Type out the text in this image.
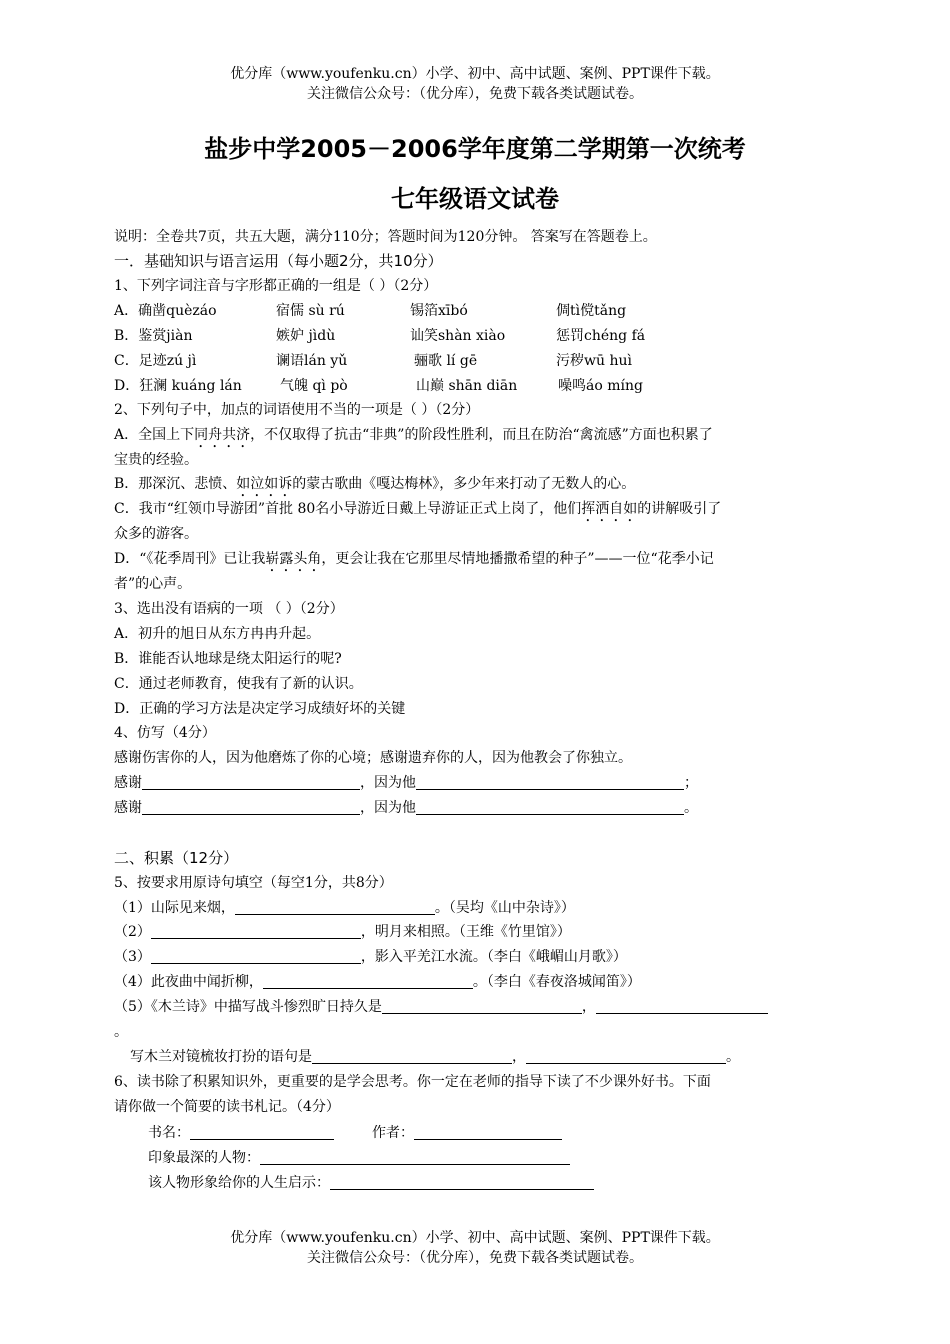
优分库（www.youfenku.cn）小学、初中、高中试题、案例、PPT课件下载。
关注微信公众号：（优分库），免费下载各类试题试卷。
盐步中学2005－2006学年度第二学期第一次统考
七年级语文试卷
说明：全卷共7页，共五大题，满分110分；答题时间为120分钟。 答案写在答题卷上。
一．基础知识与语言运用（每小题2分，共10分）
1、下列字词注音与字形都正确的一组是（ ）（2分）
A．确凿quèzáo	宿儒 sù rú	锡箔xībó	倜tì傥tǎng
B．鉴赏jiàn	嫉妒 jìdù	讪笑shàn xiào	惩罚chéng fá
C．足迹zú jì	谰语lán yǔ	骊歌 lí gē	污秽wū huì
D．狂澜 kuáng lán	气魄 qì pò	山巅 shān diān	噪鸣áo míng
2、下列句子中，加点的词语使用不当的一项是（ ）（2分）
A．全国上下同舟共济，不仅取得了抗击“非典”的阶段性胜利，而且在防治“禽流感”方面也积累了
宝贵的经验。
B．那深沉、悲愤、如泣如诉的蒙古歌曲《嘎达梅林》，多少年来打动了无数人的心。
C．我市“红领巾导游团”首批 80名小导游近日戴上导游证正式上岗了，他们挥洒自如的讲解吸引了
众多的游客。
D．“《花季周刊》已让我崭露头角，更会让我在它那里尽情地播撒希望的种子”——一位“花季小记
者”的心声。
3、选出没有语病的一项 （ ）（2分）
A．初升的旭日从东方冉冉升起。
B．谁能否认地球是绕太阳运行的呢?
C．通过老师教育，使我有了新的认识。
D．正确的学习方法是决定学习成绩好坏的关键
4、仿写（4分）
感谢伤害你的人，因为他磨炼了你的心境；感谢遗弃你的人，因为他教会了你独立。
感谢	，因为他	；
感谢	，因为他	。
二、积累（12分）
5、按要求用原诗句填空（每空1分，共8分）
（1）山际见来烟，	。（吴均《山中杂诗》）
（2）	，明月来相照。（王维《竹里馆》）
（3）	，影入平羌江水流。（李白《峨嵋山月歌》）
（4）此夜曲中闻折柳，	。（李白《春夜洛城闻笛》）
（5）《木兰诗》中描写战斗惨烈旷日持久是	，
。
写木兰对镜梳妆打扮的语句是	，	。
6、读书除了积累知识外，更重要的是学会思考。你一定在老师的指导下读了不少课外好书。下面
请你做一个简要的读书札记。（4分）
书名：	作者：
印象最深的人物：
该人物形象给你的人生启示：
优分库（www.youfenku.cn）小学、初中、高中试题、案例、PPT课件下载。
关注微信公众号：（优分库），免费下载各类试题试卷。
